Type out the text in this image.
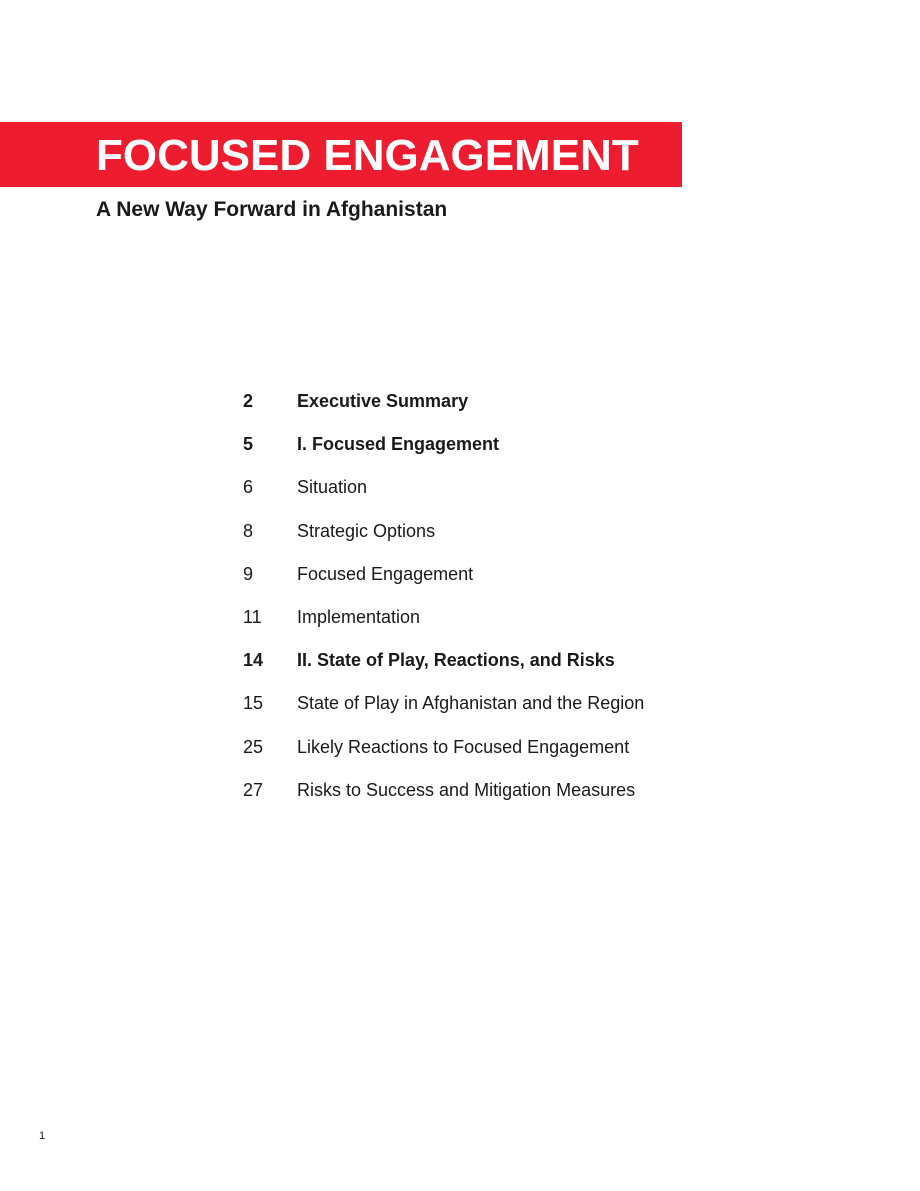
FOCUSED ENGAGEMENT
A New Way Forward in Afghanistan
2	Executive Summary
5	I. Focused Engagement
6	Situation
8	Strategic Options
9	Focused Engagement
11	Implementation
14	II. State of Play, Reactions, and Risks
15	State of Play in Afghanistan and the Region
25	Likely Reactions to Focused Engagement
27	Risks to Success and Mitigation Measures
1
